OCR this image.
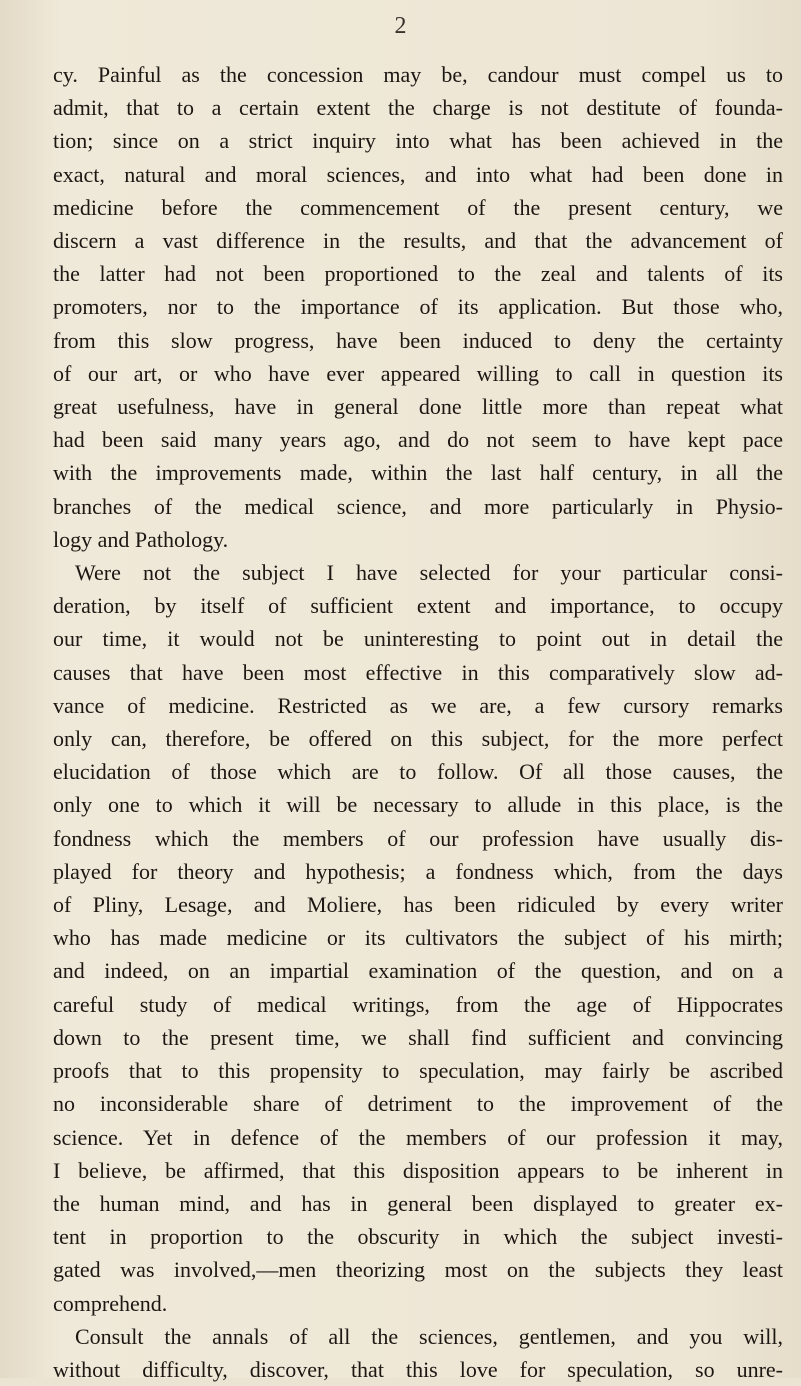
2

cy. Painful as the concession may be, candour must compel us to
admit, that to a certain extent the charge is not destitute of founda-
tion; since on a strict inquiry into what has been achieved in the
exact, natural and moral sciences, and into what had been done in
medicine before the commencement of the present century, we
discern a vast difference in the results, and that the advancement of
the latter had not been proportioned to the zeal and talents of its
promoters, nor to the importance of its application. But those who,
from this slow progress, have been induced to deny the certainty
of our art, or who have ever appeared willing to call in question its
great usefulness, have in general done little more than repeat what
had been said many years ago, and do not seem to have kept pace
with the improvements made, within the last half century, in all the
branches of the medical science, and more particularly in Physio-
logy and Pathology.

Were not the subject I have selected for your particular consi-
deration, by itself of sufficient extent and importance, to occupy
our time, it would not be uninteresting to point out in detail the
causes that have been most effective in this comparatively slow ad-
vance of medicine. Restricted as we are, a few cursory remarks
only can, therefore, be offered on this subject, for the more perfect
elucidation of those which are to follow. Of all those causes, the
only one to which it will be necessary to allude in this place, is the
fondness which the members of our profession have usually dis-
played for theory and hypothesis; a fondness which, from the days
of Pliny, Lesage, and Moliere, has been ridiculed by every writer
who has made medicine or its cultivators the subject of his mirth;
and indeed, on an impartial examination of the question, and on a
careful study of medical writings, from the age of Hippocrates
down to the present time, we shall find sufficient and convincing
proofs that to this propensity to speculation, may fairly be ascribed
no inconsiderable share of detriment to the improvement of the
science. Yet in defence of the members of our profession it may,
I believe, be affirmed, that this disposition appears to be inherent in
the human mind, and has in general been displayed to greater ex-
tent in proportion to the obscurity in which the subject investi-
gated was involved,—men theorizing most on the subjects they least
comprehend.

Consult the annals of all the sciences, gentlemen, and you will,
without difficulty, discover, that this love for speculation, so unre-
